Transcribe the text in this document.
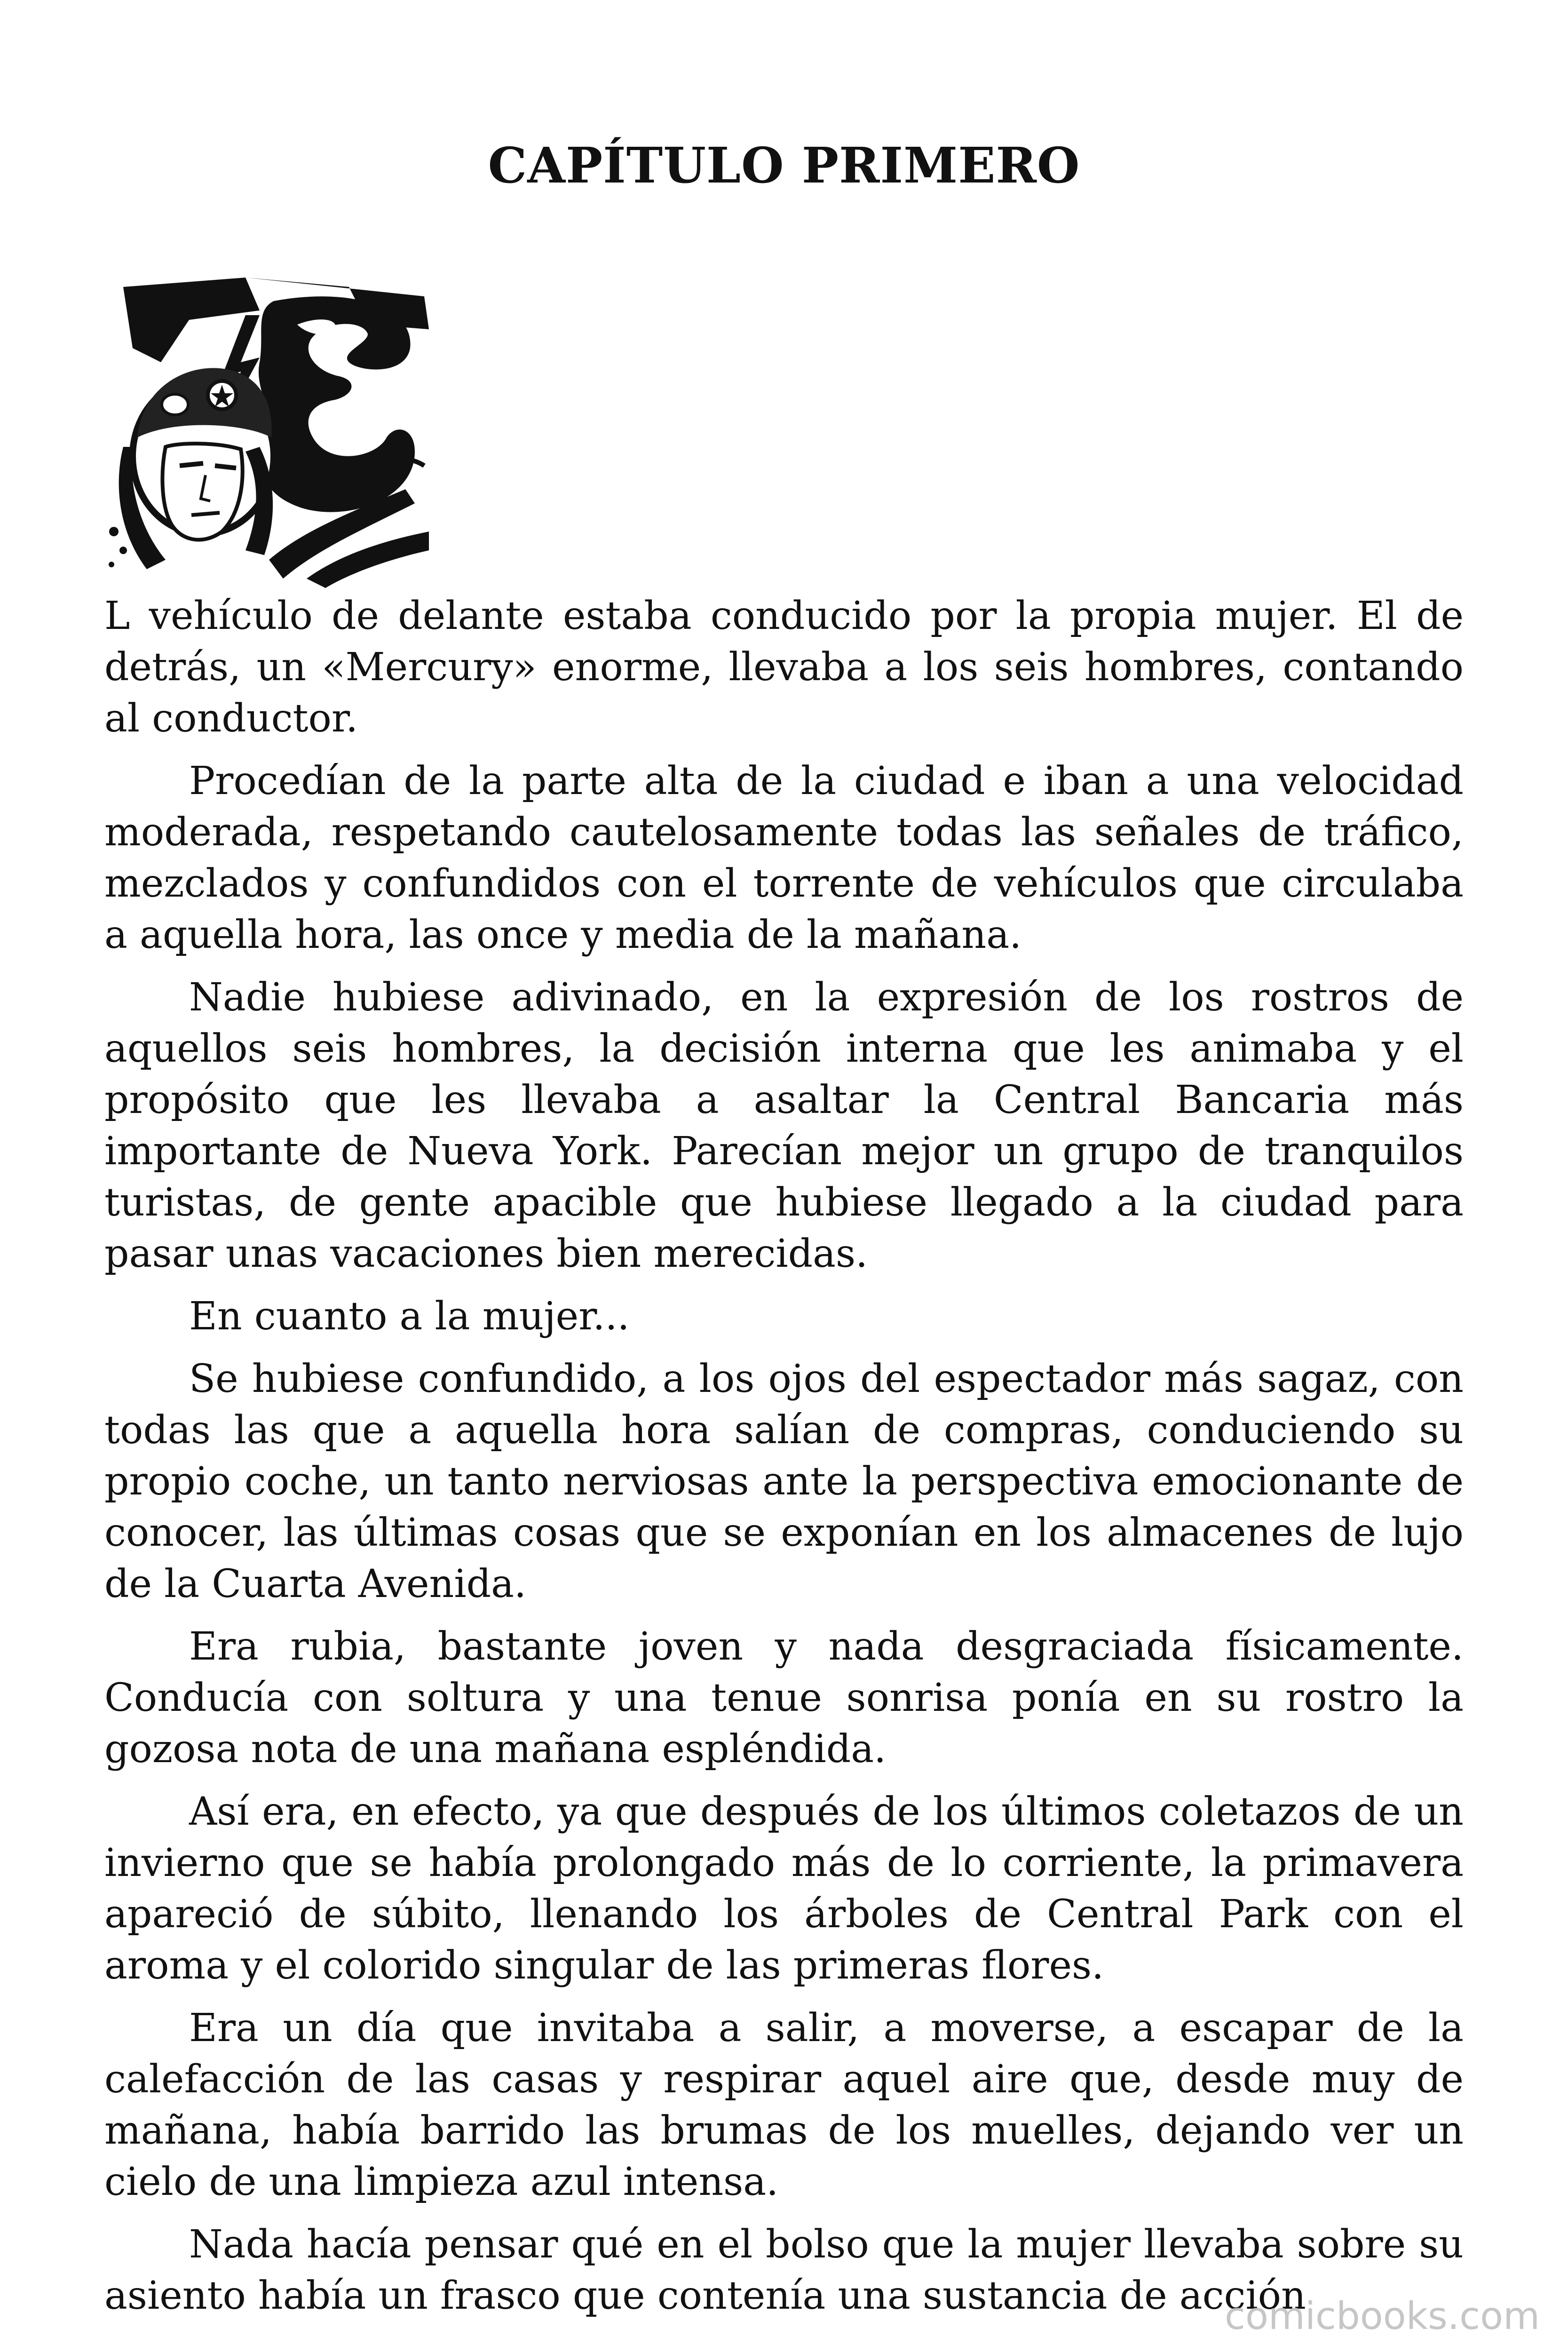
CAPÍTULO PRIMERO

L vehículo de delante estaba conducido por la propia mujer. El de detrás, un «Mercury» enorme, llevaba a los seis hombres, contando al conductor.

Procedían de la parte alta de la ciudad e iban a una velocidad moderada, respetando cautelosamente todas las señales de tráfico, mezclados y confundidos con el torrente de vehículos que circulaba a aquella hora, las once y media de la mañana.

Nadie hubiese adivinado, en la expresión de los rostros de aquellos seis hombres, la decisión interna que les animaba y el propósito que les llevaba a asaltar la Central Bancaria más importante de Nueva York. Parecían mejor un grupo de tranquilos turistas, de gente apacible que hubiese llegado a la ciudad para pasar unas vacaciones bien merecidas.

En cuanto a la mujer...

Se hubiese confundido, a los ojos del espectador más sagaz, con todas las que a aquella hora salían de compras, conduciendo su propio coche, un tanto nerviosas ante la perspectiva emocionante de conocer, las últimas cosas que se exponían en los almacenes de lujo de la Cuarta Avenida.

Era rubia, bastante joven y nada desgraciada físicamente. Conducía con soltura y una tenue sonrisa ponía en su rostro la gozosa nota de una mañana espléndida.

Así era, en efecto, ya que después de los últimos coletazos de un invierno que se había prolongado más de lo corriente, la primavera apareció de súbito, llenando los árboles de Central Park con el aroma y el colorido singular de las primeras flores.

Era un día que invitaba a salir, a moverse, a escapar de la calefacción de las casas y respirar aquel aire que, desde muy de mañana, había barrido las brumas de los muelles, dejando ver un cielo de una limpieza azul intensa.

Nada hacía pensar qué en el bolso que la mujer llevaba sobre su asiento había un frasco que contenía una sustancia de acción

comicbooks.com
